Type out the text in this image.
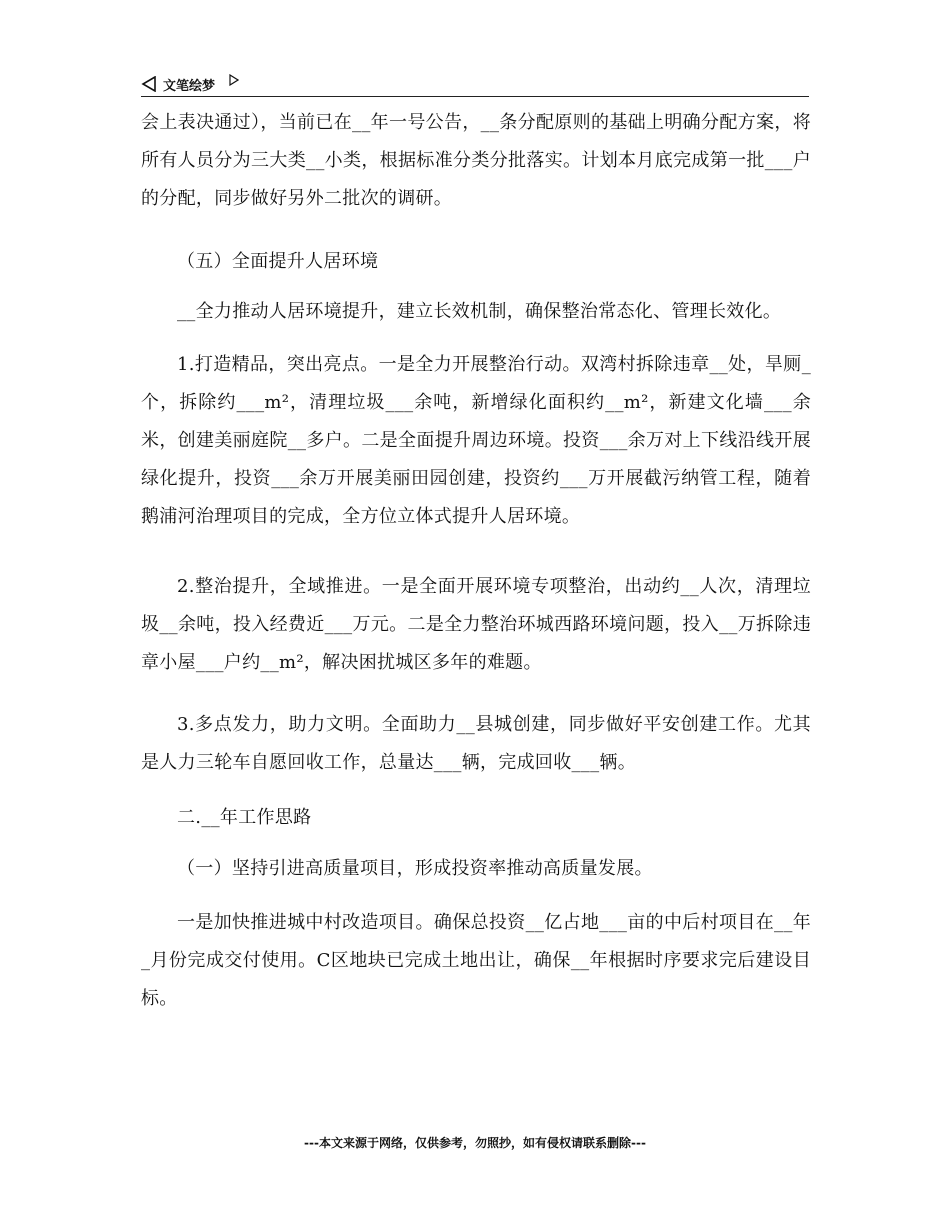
文笔绘梦
会上表决通过），当前已在__年一号公告，__条分配原则的基础上明确分配方案，将所有人员分为三大类__小类，根据标准分类分批落实。计划本月底完成第一批___户的分配，同步做好另外二批次的调研。
（五）全面提升人居环境
__全力推动人居环境提升，建立长效机制，确保整治常态化、管理长效化。
1.打造精品，突出亮点。一是全力开展整治行动。双湾村拆除违章__处，旱厕_个，拆除约___m²，清理垃圾___余吨，新增绿化面积约__m²，新建文化墙___余米，创建美丽庭院__多户。二是全面提升周边环境。投资___余万对上下线沿线开展绿化提升，投资___余万开展美丽田园创建，投资约___万开展截污纳管工程，随着鹅浦河治理项目的完成，全方位立体式提升人居环境。
2.整治提升，全域推进。一是全面开展环境专项整治，出动约__人次，清理垃圾__余吨，投入经费近___万元。二是全力整治环城西路环境问题，投入__万拆除违章小屋___户约__m²，解决困扰城区多年的难题。
3.多点发力，助力文明。全面助力__县城创建，同步做好平安创建工作。尤其是人力三轮车自愿回收工作，总量达___辆，完成回收___辆。
二.__年工作思路
（一）坚持引进高质量项目，形成投资率推动高质量发展。
一是加快推进城中村改造项目。确保总投资__亿占地___亩的中后村项目在__年_月份完成交付使用。C区地块已完成土地出让，确保__年根据时序要求完后建设目标。
---本文来源于网络，仅供参考，勿照抄，如有侵权请联系删除---
